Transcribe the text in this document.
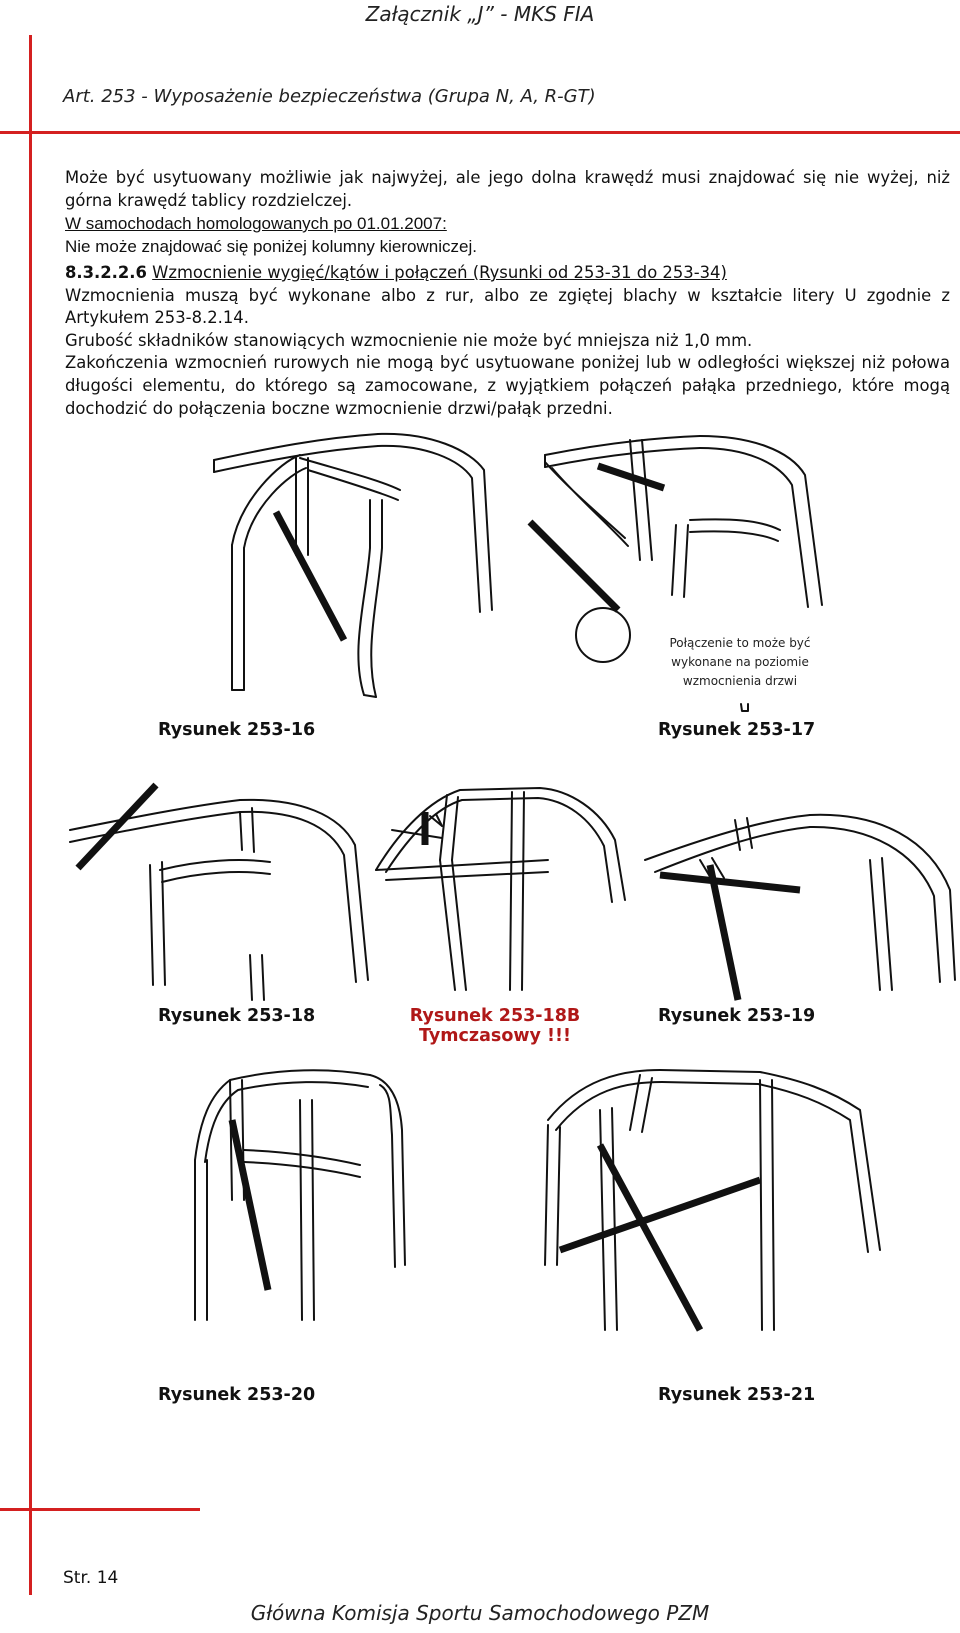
Załącznik „J” - MKS FIA
Art. 253 - Wyposażenie bezpieczeństwa (Grupa N, A, R-GT)
Może być usytuowany możliwie jak najwyżej, ale jego dolna krawędź musi znajdować się nie wyżej, niż górna krawędź tablicy rozdzielczej.
W samochodach homologowanych po 01.01.2007:
Nie może znajdować się poniżej kolumny kierowniczej.
8.3.2.2.6 Wzmocnienie wygięć/kątów i połączeń (Rysunki od 253-31 do 253-34)
Wzmocnienia muszą być wykonane albo z rur, albo ze zgiętej blachy w kształcie litery U zgodnie z Artykułem 253-8.2.14.
Grubość składników stanowiących wzmocnienie nie może być mniejsza niż 1,0 mm.
Zakończenia wzmocnień rurowych nie mogą być usytuowane poniżej lub w odległości większej niż połowa długości elementu, do którego są zamocowane, z wyjątkiem połączeń pałąka przedniego, które mogą dochodzić do połączenia boczne wzmocnienie drzwi/pałąk przedni.
Połączenie to może być
wykonane na poziomie
wzmocnienia drzwi
Rysunek 253-16	Rysunek 253-17
Rysunek 253-18	Rysunek 253-18B
Tymczasowy !!!
Rysunek 253-19
Rysunek 253-20	Rysunek 253-21
Str. 14
Główna Komisja Sportu Samochodowego PZM
